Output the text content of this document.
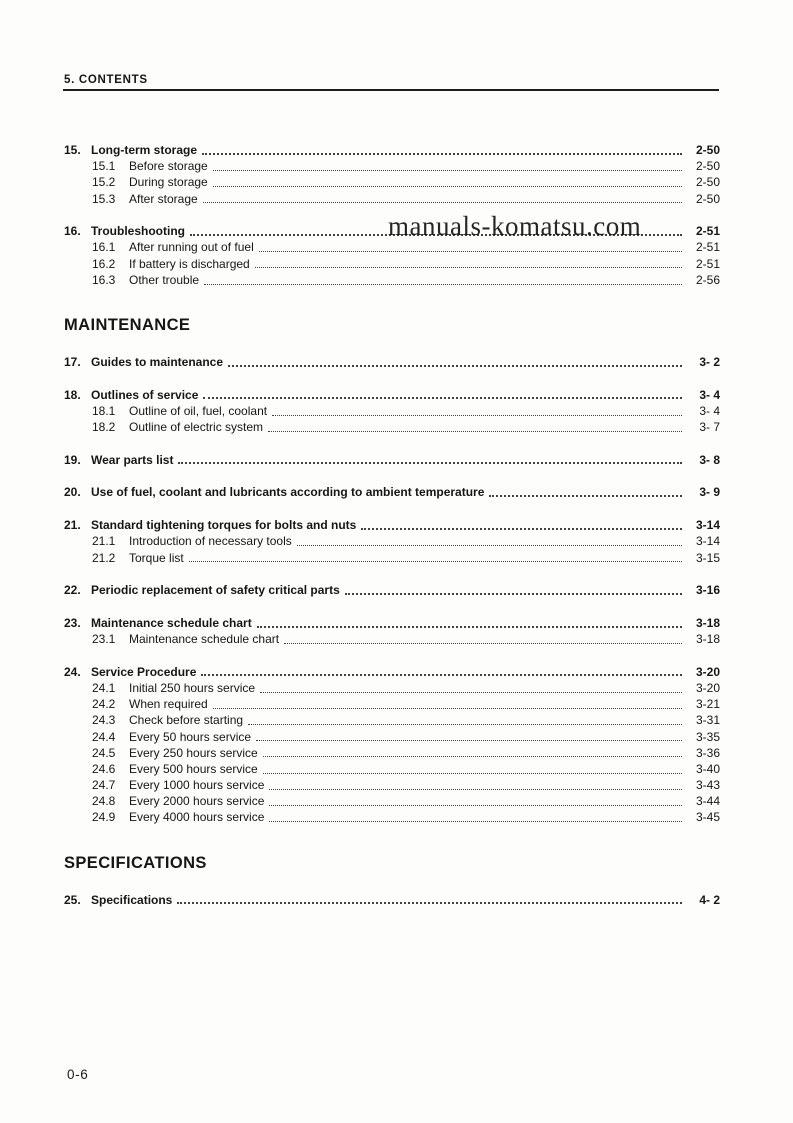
5. CONTENTS
15. Long-term storage	2-50
15.1	Before storage	2-50
15.2	During storage	2-50
15.3	After storage	2-50
16. Troubleshooting	2-51
16.1	After running out of fuel	2-51
16.2	If battery is discharged	2-51
16.3	Other trouble	2-56
MAINTENANCE
17. Guides to maintenance	3- 2
18. Outlines of service	3- 4
18.1	Outline of oil, fuel, coolant	3- 4
18.2	Outline of electric system	3- 7
19. Wear parts list	3- 8
20. Use of fuel, coolant and lubricants according to ambient temperature	3- 9
21. Standard tightening torques for bolts and nuts	3-14
21.1	Introduction of necessary tools	3-14
21.2	Torque list	3-15
22. Periodic replacement of safety critical parts	3-16
23. Maintenance schedule chart	3-18
23.1	Maintenance schedule chart	3-18
24. Service Procedure	3-20
24.1	Initial 250 hours service	3-20
24.2	When required	3-21
24.3	Check before starting	3-31
24.4	Every 50 hours service	3-35
24.5	Every 250 hours service	3-36
24.6	Every 500 hours service	3-40
24.7	Every 1000 hours service	3-43
24.8	Every 2000 hours service	3-44
24.9	Every 4000 hours service	3-45
SPECIFICATIONS
25. Specifications	4- 2
manuals-komatsu.com
0-6
